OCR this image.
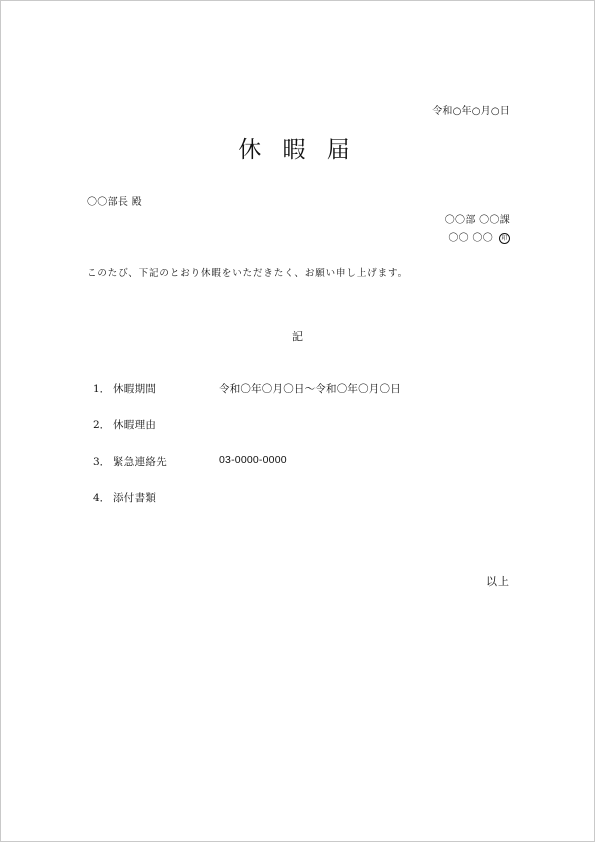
令和○年○月○日
休 暇 届
〇〇部長 殿
〇〇部 〇〇課
〇〇 〇〇 印
このたび、下記のとおり休暇をいただきたく、お願い申し上げます。
記
1． 休暇期間	令和〇年〇月〇日～令和〇年〇月〇日
2． 休暇理由
3． 緊急連絡先	03-0000-0000
4． 添付書類
以上
